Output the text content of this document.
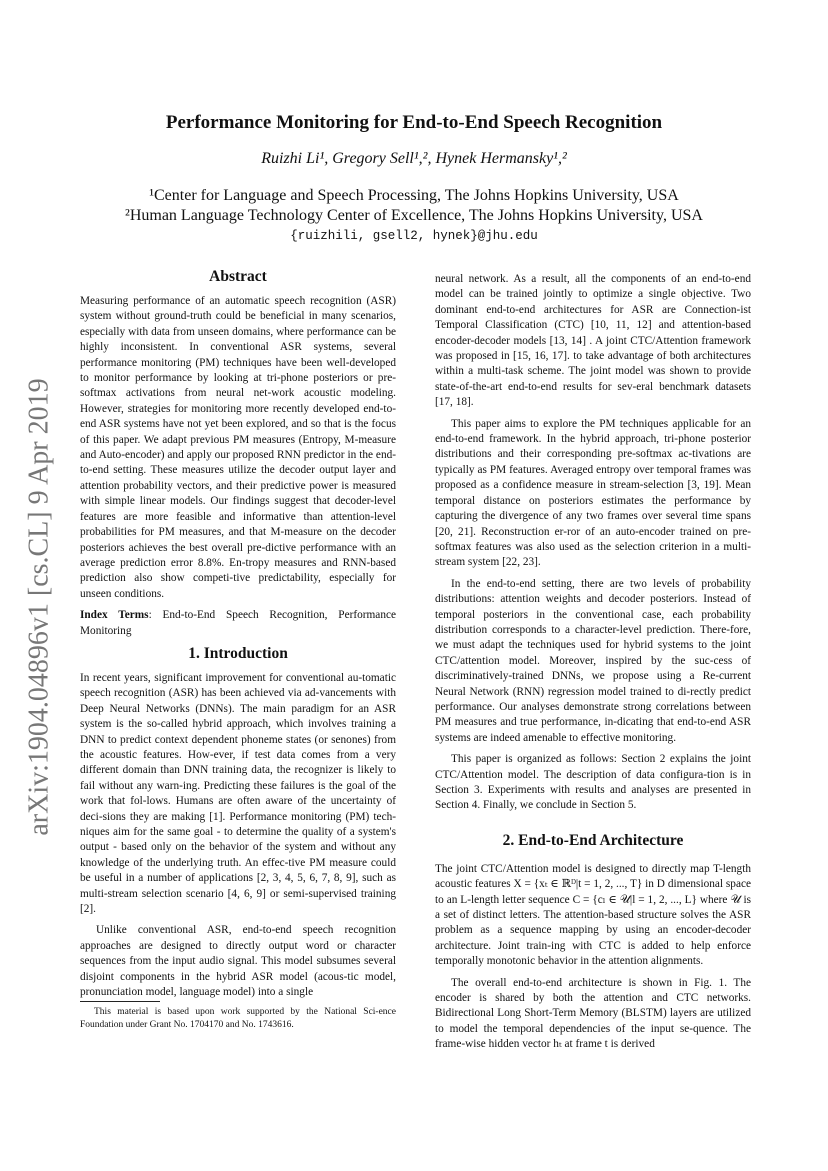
arXiv:1904.04896v1 [cs.CL] 9 Apr 2019
Performance Monitoring for End-to-End Speech Recognition
Ruizhi Li¹, Gregory Sell¹,², Hynek Hermansky¹,²
¹Center for Language and Speech Processing, The Johns Hopkins University, USA
²Human Language Technology Center of Excellence, The Johns Hopkins University, USA
{ruizhili, gsell2, hynek}@jhu.edu
Abstract

Measuring performance of an automatic speech recognition (ASR) system without ground-truth could be beneficial in many scenarios, especially with data from unseen domains, where performance can be highly inconsistent. In conventional ASR systems, several performance monitoring (PM) techniques have been well-developed to monitor performance by looking at tri-phone posteriors or pre-softmax activations from neural net-work acoustic modeling. However, strategies for monitoring more recently developed end-to-end ASR systems have not yet been explored, and so that is the focus of this paper. We adapt previous PM measures (Entropy, M-measure and Auto-encoder) and apply our proposed RNN predictor in the end-to-end setting. These measures utilize the decoder output layer and attention probability vectors, and their predictive power is measured with simple linear models. Our findings suggest that decoder-level features are more feasible and informative than attention-level probabilities for PM measures, and that M-measure on the decoder posteriors achieves the best overall pre-dictive performance with an average prediction error 8.8%. En-tropy measures and RNN-based prediction also show competi-tive predictability, especially for unseen conditions.

Index Terms: End-to-End Speech Recognition, Performance Monitoring

1. Introduction

In recent years, significant improvement for conventional au-tomatic speech recognition (ASR) has been achieved via ad-vancements with Deep Neural Networks (DNNs). The main paradigm for an ASR system is the so-called hybrid approach, which involves training a DNN to predict context dependent phoneme states (or senones) from the acoustic features. How-ever, if test data comes from a very different domain than DNN training data, the recognizer is likely to fail without any warn-ing. Predicting these failures is the goal of the work that fol-lows. Humans are often aware of the uncertainty of deci-sions they are making [1]. Performance monitoring (PM) tech-niques aim for the same goal - to determine the quality of a system's output - based only on the behavior of the system and without any knowledge of the underlying truth. An effec-tive PM measure could be useful in a number of applications [2, 3, 4, 5, 6, 7, 8, 9], such as multi-stream selection scenario [4, 6, 9] or semi-supervised training [2].

Unlike conventional ASR, end-to-end speech recognition approaches are designed to directly output word or character sequences from the input audio signal. This model subsumes several disjoint components in the hybrid ASR model (acous-tic model, pronunciation model, language model) into a single

This material is based upon work supported by the National Sci-ence Foundation under Grant No. 1704170 and No. 1743616.

neural network. As a result, all the components of an end-to-end model can be trained jointly to optimize a single objective. Two dominant end-to-end architectures for ASR are Connection-ist Temporal Classification (CTC) [10, 11, 12] and attention-based encoder-decoder models [13, 14] . A joint CTC/Attention framework was proposed in [15, 16, 17]. to take advantage of both architectures within a multi-task scheme. The joint model was shown to provide state-of-the-art end-to-end results for sev-eral benchmark datasets [17, 18].

This paper aims to explore the PM techniques applicable for an end-to-end framework. In the hybrid approach, tri-phone posterior distributions and their corresponding pre-softmax ac-tivations are typically as PM features. Averaged entropy over temporal frames was proposed as a confidence measure in stream-selection [3, 19]. Mean temporal distance on posteriors estimates the performance by capturing the divergence of any two frames over several time spans [20, 21]. Reconstruction er-ror of an auto-encoder trained on pre-softmax features was also used as the selection criterion in a multi-stream system [22, 23].

In the end-to-end setting, there are two levels of probability distributions: attention weights and decoder posteriors. Instead of temporal posteriors in the conventional case, each probability distribution corresponds to a character-level prediction. There-fore, we must adapt the techniques used for hybrid systems to the joint CTC/attention model. Moreover, inspired by the suc-cess of discriminatively-trained DNNs, we propose using a Re-current Neural Network (RNN) regression model trained to di-rectly predict performance. Our analyses demonstrate strong correlations between PM measures and true performance, in-dicating that end-to-end ASR systems are indeed amenable to effective monitoring.

This paper is organized as follows: Section 2 explains the joint CTC/Attention model. The description of data configura-tion is in Section 3. Experiments with results and analyses are presented in Section 4. Finally, we conclude in Section 5.

2. End-to-End Architecture

The joint CTC/Attention model is designed to directly map T-length acoustic features X = {xₜ ∈ ℝᴰ|t = 1, 2, ..., T} in D dimensional space to an L-length letter sequence C = {cₗ ∈ 𝒰|l = 1, 2, ..., L} where 𝒰 is a set of distinct letters. The attention-based structure solves the ASR problem as a sequence mapping by using an encoder-decoder architecture. Joint train-ing with CTC is added to help enforce temporally monotonic behavior in the attention alignments.

The overall end-to-end architecture is shown in Fig. 1. The encoder is shared by both the attention and CTC networks. Bidirectional Long Short-Term Memory (BLSTM) layers are utilized to model the temporal dependencies of the input se-quence. The frame-wise hidden vector hₜ at frame t is derived
